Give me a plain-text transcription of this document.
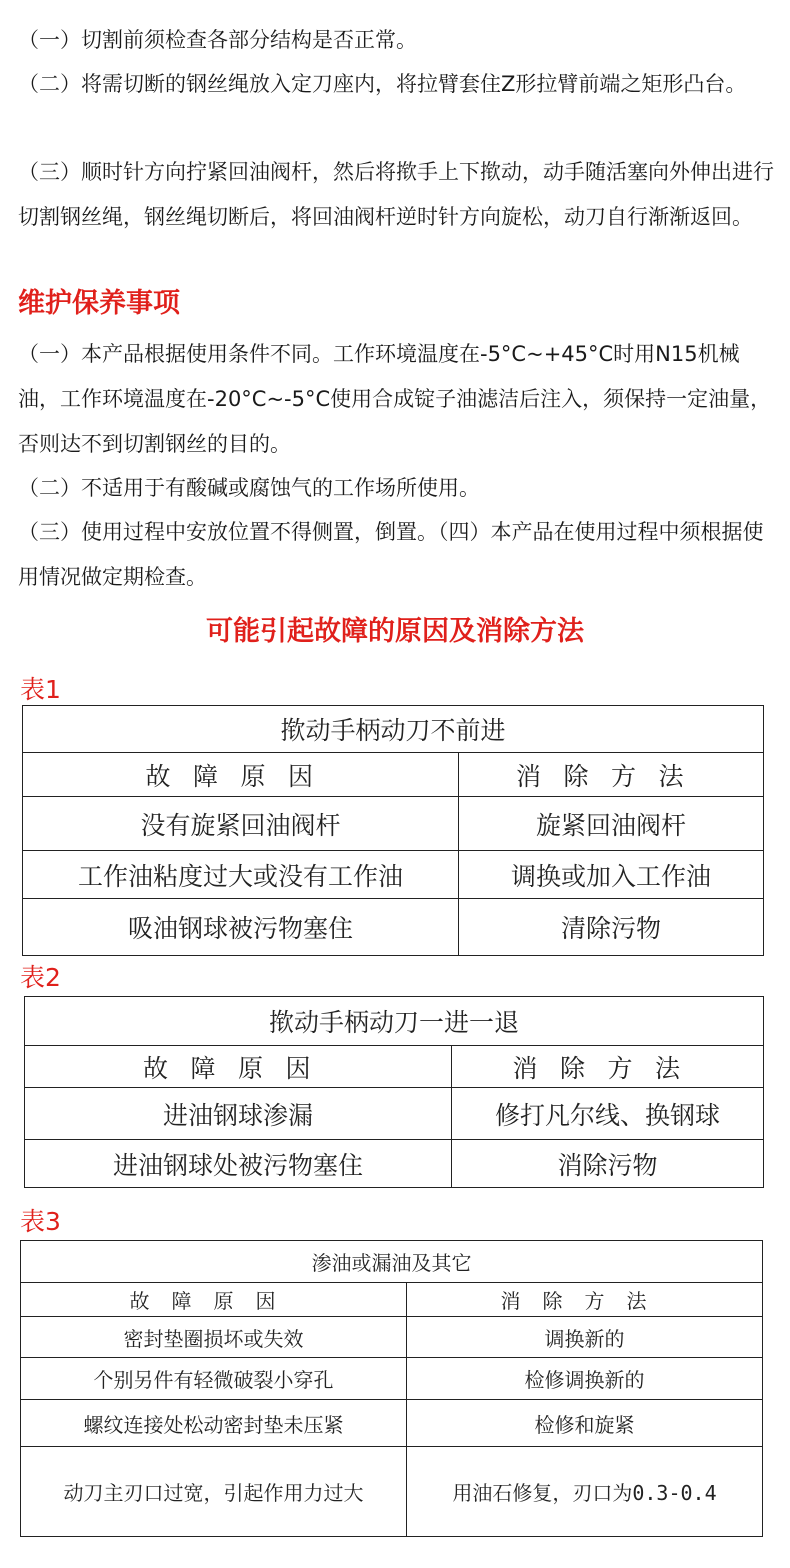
（一）切割前须检查各部分结构是否正常。

（二）将需切断的钢丝绳放入定刀座内，将拉臂套住Z形拉臂前端之矩形凸台。

（三）顺时针方向拧紧回油阀杆，然后将揿手上下揿动，动手随活塞向外伸出进行切割钢丝绳，钢丝绳切断后，将回油阀杆逆时针方向旋松，动刀自行渐渐返回。

维护保养事项

（一）本产品根据使用条件不同。工作环境温度在-5°C~+45°C时用N15机械油，工作环境温度在-20°C~-5°C使用合成锭子油滤洁后注入，须保持一定油量，否则达不到切割钢丝的目的。

（二）不适用于有酸碱或腐蚀气的工作场所使用。

（三）使用过程中安放位置不得侧置，倒置。（四）本产品在使用过程中须根据使用情况做定期检查。

可能引起故障的原因及消除方法

表1

揿动手柄动刀不前进	
故障原因	消除方法
没有旋紧回油阀杆	旋紧回油阀杆
工作油粘度过大或没有工作油	调换或加入工作油
吸油钢球被污物塞住	清除污物

表2

揿动手柄动刀一进一退	
故障原因	消除方法
进油钢球渗漏	修打凡尔线、换钢球
进油钢球处被污物塞住	消除污物

表3

渗油或漏油及其它	
故障原因	消除方法
密封垫圈损坏或失效	调换新的
个别另件有轻微破裂小穿孔	检修调换新的
螺纹连接处松动密封垫未压紧	检修和旋紧
动刀主刃口过宽，引起作用力过大	用油石修复，刃口为0.3-0.4
